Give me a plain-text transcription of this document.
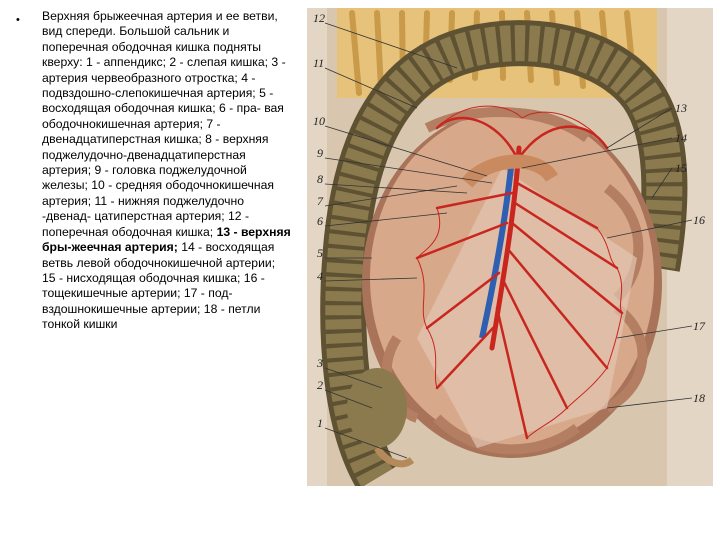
• Верхняя брыжеечная артерия и ее ветви, вид спереди. Большой сальник и поперечная ободочная кишка подняты кверху: 1 - аппендикс; 2 - слепая кишка; 3 - артерия червеобразного отростка; 4 - подвздошно-слепокишечная артерия; 5 - восходящая ободочная кишка; 6 - пра- вая ободочнокишечная артерия; 7 - двенадцатиперстная кишка; 8 - верхняя поджелудочно-двенадцатиперстная артерия; 9 - головка поджелудочной железы; 10 - средняя ободочнокишечная артерия; 11 - нижняя поджелудочно -двенад- цатиперстная артерия; 12 - поперечная ободочная кишка; 13 - верхняя бры-жеечная артерия; 14 - восходящая ветвь левой ободочнокишечной артерии; 15 - нисходящая ободочная кишка; 16 - тощекишечные артерии; 17 - под-вздошнокишечные артерии; 18 - петли тонкой кишки
12
11
10
9
8
7
6
5
4
3
2
1
13
14
15
16
17
18
